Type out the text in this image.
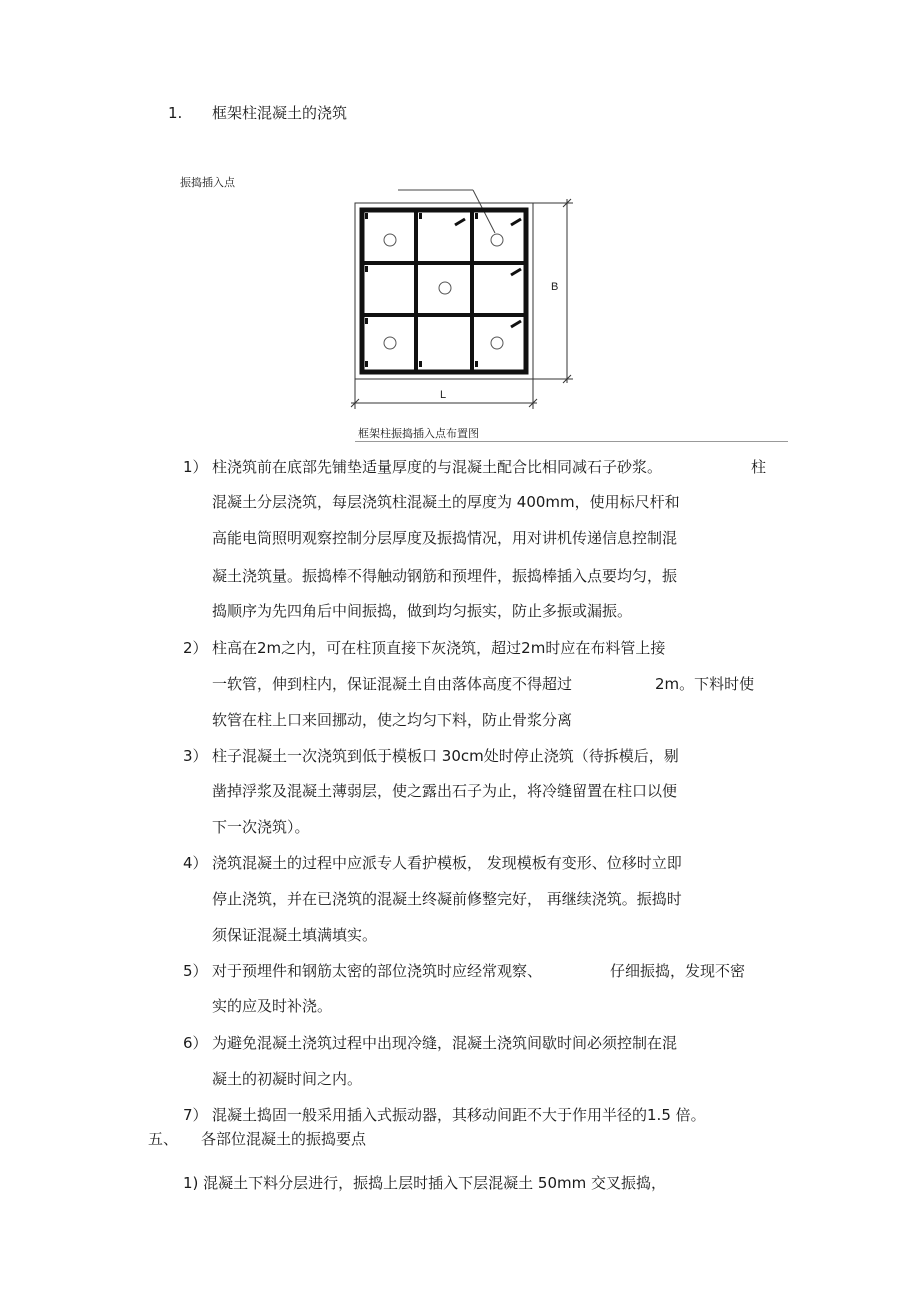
1. 框架柱混凝土的浇筑
振捣插入点
B
L
框架柱振捣插入点布置图
1） 柱浇筑前在底部先铺垫适量厚度的与混凝土配合比相同减石子砂浆。	柱
混凝土分层浇筑，每层浇筑柱混凝土的厚度为 400mm，使用标尺杆和
高能电筒照明观察控制分层厚度及振捣情况，用对讲机传递信息控制混
凝土浇筑量。振捣棒不得触动钢筋和预埋件，振捣棒插入点要均匀，振
捣顺序为先四角后中间振捣，做到均匀振实，防止多振或漏振。
2） 柱高在2m之内，可在柱顶直接下灰浇筑，超过2m时应在布料管上接
一软管，伸到柱内，保证混凝土自由落体高度不得超过	2m。下料时使
软管在柱上口来回挪动，使之均匀下料，防止骨浆分离
3） 柱子混凝土一次浇筑到低于模板口 30cm处时停止浇筑（待拆模后，剔
凿掉浮浆及混凝土薄弱层，使之露出石子为止，将冷缝留置在柱口以便
下一次浇筑）。
4） 浇筑混凝土的过程中应派专人看护模板， 发现模板有变形、位移时立即
停止浇筑，并在已浇筑的混凝土终凝前修整完好， 再继续浇筑。振捣时
须保证混凝土填满填实。
5） 对于预埋件和钢筋太密的部位浇筑时应经常观察、	仔细振捣，发现不密
实的应及时补浇。
6） 为避免混凝土浇筑过程中出现冷缝，混凝土浇筑间歇时间必须控制在混
凝土的初凝时间之内。
7） 混凝土捣固一般采用插入式振动器，其移动间距不大于作用半径的1.5 倍。
五、 各部位混凝土的振捣要点
1) 混凝土下料分层进行，振捣上层时插入下层混凝土 50mm 交叉振捣，
